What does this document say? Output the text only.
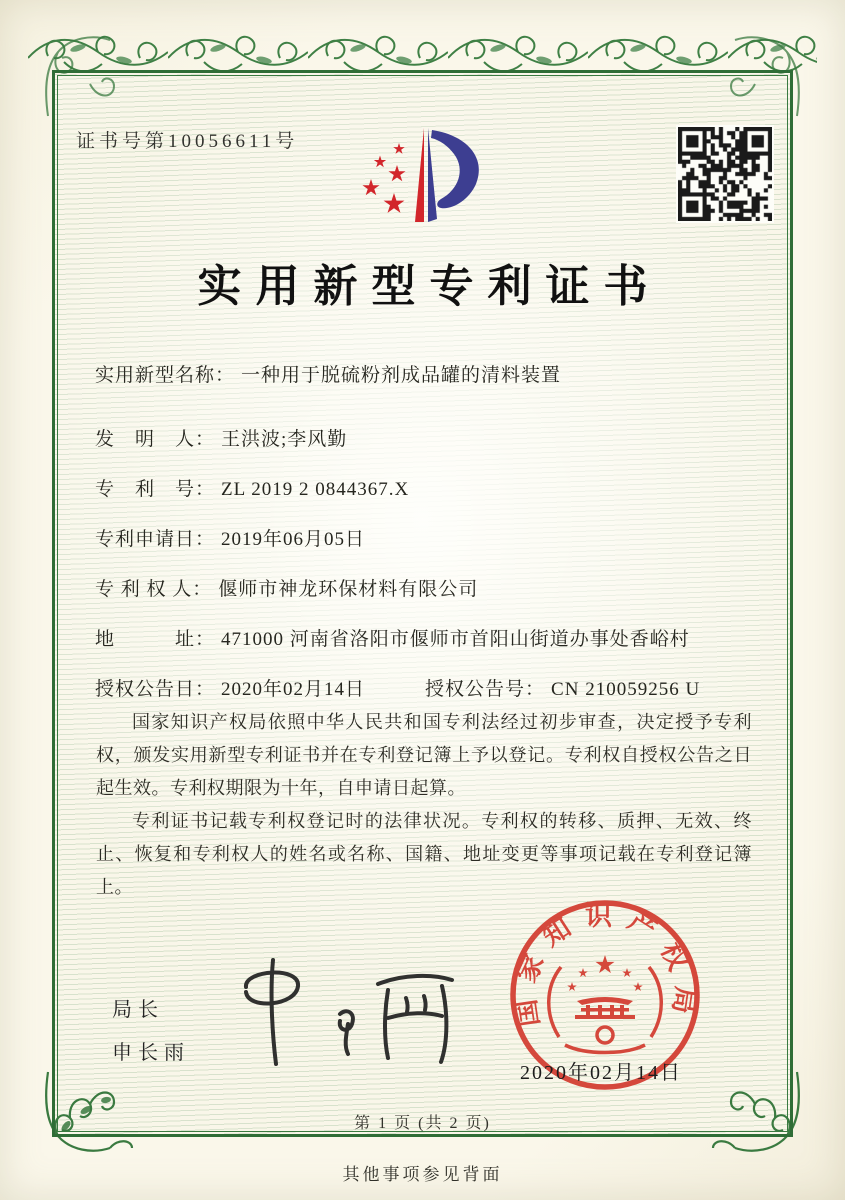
证书号第10056611号
实用新型专利证书
实用新型名称： 一种用于脱硫粉剂成品罐的清料装置
发　明　人： 王洪波;李风勤
专　利　号： ZL 2019 2 0844367.X
专利申请日： 2019年06月05日
专 利 权 人： 偃师市神龙环保材料有限公司
地　　　址： 471000 河南省洛阳市偃师市首阳山街道办事处香峪村
授权公告日： 2020年02月14日	授权公告号： CN 210059256 U

国家知识产权局依照中华人民共和国专利法经过初步审查，决定授予专利权，颁发实用新型专利证书并在专利登记簿上予以登记。专利权自授权公告之日起生效。专利权期限为十年，自申请日起算。

专利证书记载专利权登记时的法律状况。专利权的转移、质押、无效、终止、恢复和专利权人的姓名或名称、国籍、地址变更等事项记载在专利登记簿上。

局长
申长雨
国家知识产权局
2020年02月14日
第 1 页 (共 2 页)
其他事项参见背面
